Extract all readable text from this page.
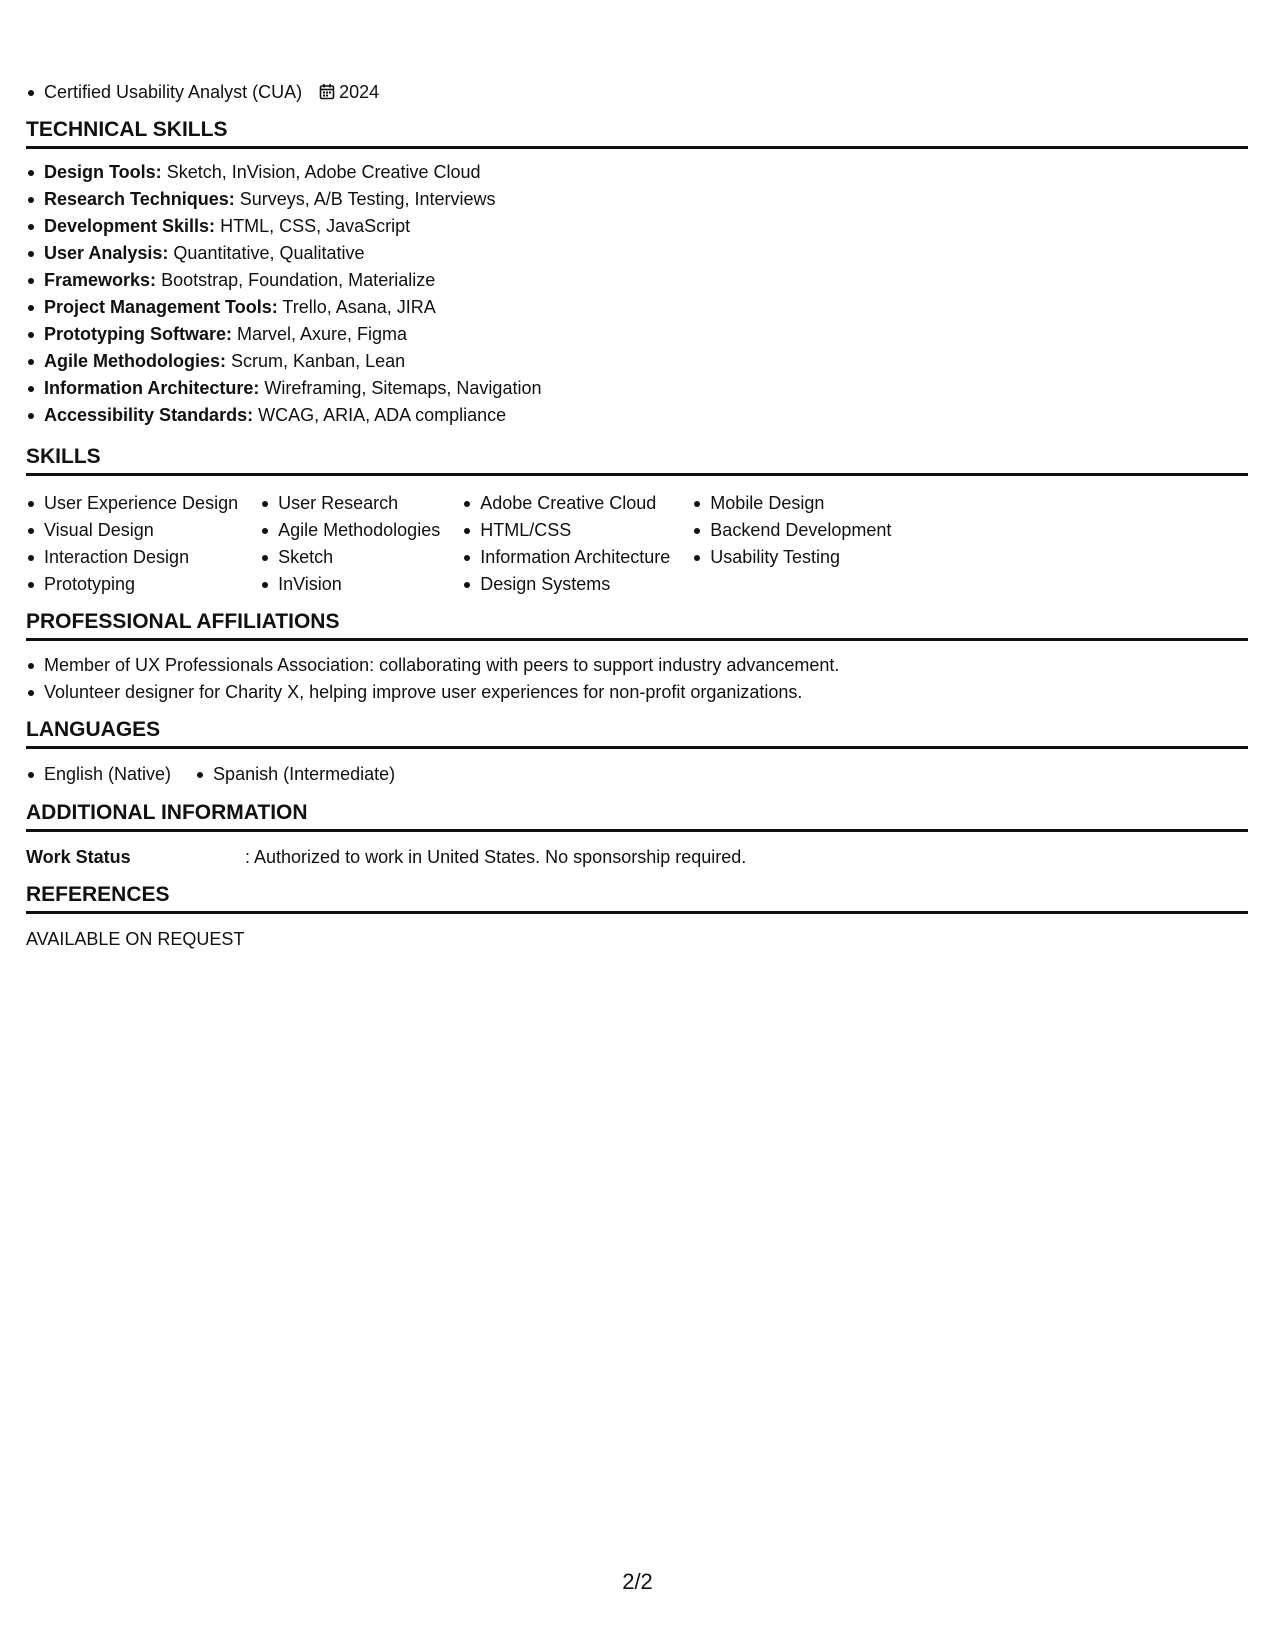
Certified Usability Analyst (CUA) 2024
TECHNICAL SKILLS
Design Tools: Sketch, InVision, Adobe Creative Cloud
Research Techniques: Surveys, A/B Testing, Interviews
Development Skills: HTML, CSS, JavaScript
User Analysis: Quantitative, Qualitative
Frameworks: Bootstrap, Foundation, Materialize
Project Management Tools: Trello, Asana, JIRA
Prototyping Software: Marvel, Axure, Figma
Agile Methodologies: Scrum, Kanban, Lean
Information Architecture: Wireframing, Sitemaps, Navigation
Accessibility Standards: WCAG, ARIA, ADA compliance
SKILLS
User Experience Design
Visual Design
Interaction Design
Prototyping
User Research
Agile Methodologies
Sketch
InVision
Adobe Creative Cloud
HTML/CSS
Information Architecture
Design Systems
Mobile Design
Backend Development
Usability Testing
PROFESSIONAL AFFILIATIONS
Member of UX Professionals Association: collaborating with peers to support industry advancement.
Volunteer designer for Charity X, helping improve user experiences for non-profit organizations.
LANGUAGES
English (Native)	Spanish (Intermediate)
ADDITIONAL INFORMATION
Work Status	: Authorized to work in United States. No sponsorship required.
REFERENCES
AVAILABLE ON REQUEST
2/2
